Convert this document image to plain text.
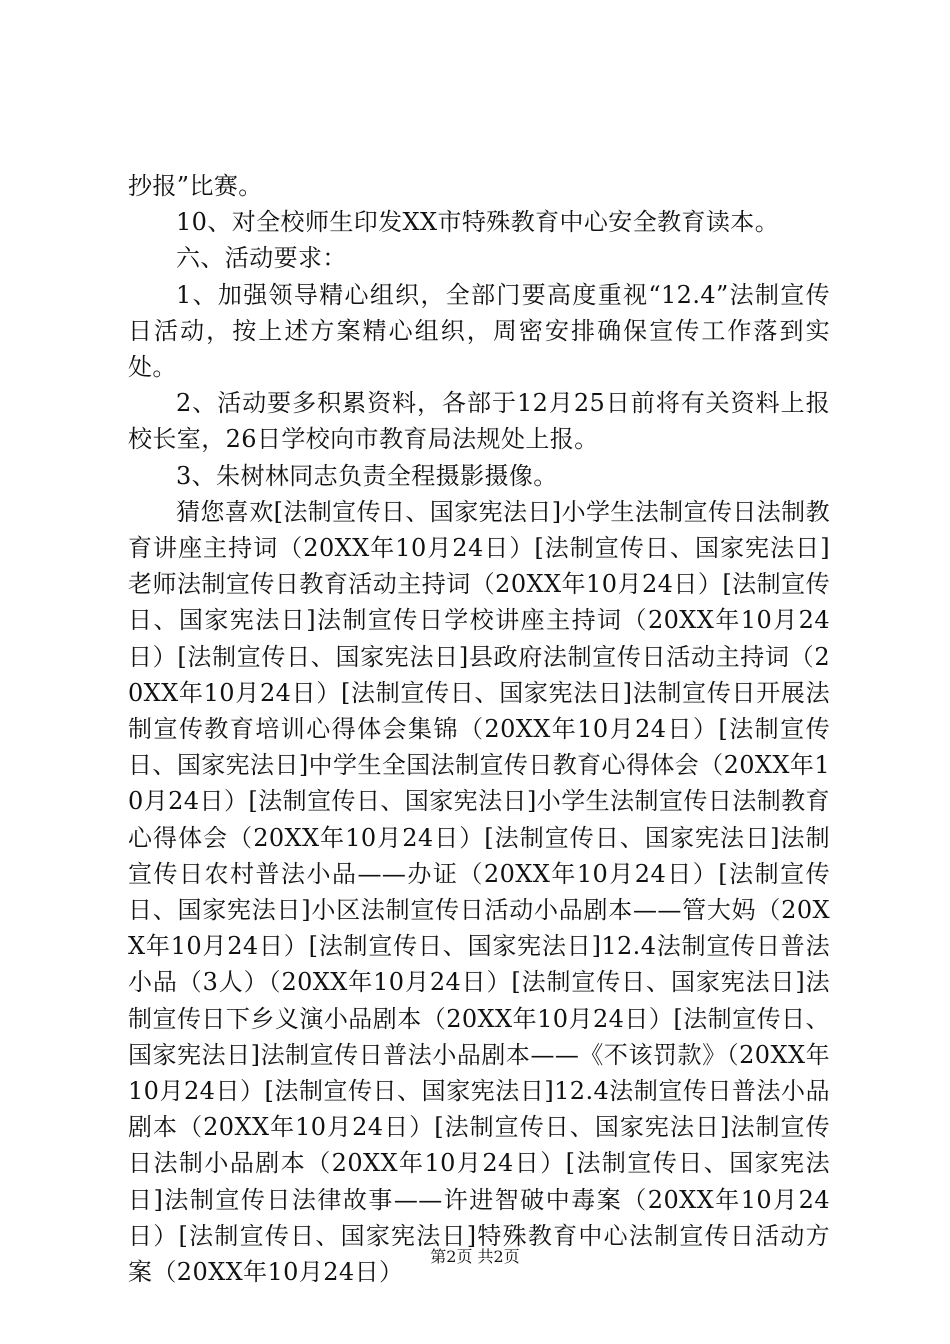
抄报”比赛。

10、对全校师生印发XX市特殊教育中心安全教育读本。

六、活动要求：

1、加强领导精心组织，全部门要高度重视“12.4”法制宣传日活动，按上述方案精心组织，周密安排确保宣传工作落到实处。

2、活动要多积累资料，各部于12月25日前将有关资料上报校长室，26日学校向市教育局法规处上报。

3、朱树林同志负责全程摄影摄像。

猜您喜欢[法制宣传日、国家宪法日]小学生法制宣传日法制教育讲座主持词（20XX年10月24日）[法制宣传日、国家宪法日]老师法制宣传日教育活动主持词（20XX年10月24日）[法制宣传日、国家宪法日]法制宣传日学校讲座主持词（20XX年10月24日）[法制宣传日、国家宪法日]县政府法制宣传日活动主持词（20XX年10月24日）[法制宣传日、国家宪法日]法制宣传日开展法制宣传教育培训心得体会集锦（20XX年10月24日）[法制宣传日、国家宪法日]中学生全国法制宣传日教育心得体会（20XX年10月24日）[法制宣传日、国家宪法日]小学生法制宣传日法制教育心得体会（20XX年10月24日）[法制宣传日、国家宪法日]法制宣传日农村普法小品——办证（20XX年10月24日）[法制宣传日、国家宪法日]小区法制宣传日活动小品剧本——管大妈（20XX年10月24日）[法制宣传日、国家宪法日]12.4法制宣传日普法小品（3人）（20XX年10月24日）[法制宣传日、国家宪法日]法制宣传日下乡义演小品剧本（20XX年10月24日）[法制宣传日、国家宪法日]法制宣传日普法小品剧本——《不该罚款》（20XX年10月24日）[法制宣传日、国家宪法日]12.4法制宣传日普法小品剧本（20XX年10月24日）[法制宣传日、国家宪法日]法制宣传日法制小品剧本（20XX年10月24日）[法制宣传日、国家宪法日]法制宣传日法律故事——许进智破中毒案（20XX年10月24日）[法制宣传日、国家宪法日]特殊教育中心法制宣传日活动方案（20XX年10月24日）

第2页 共2页
